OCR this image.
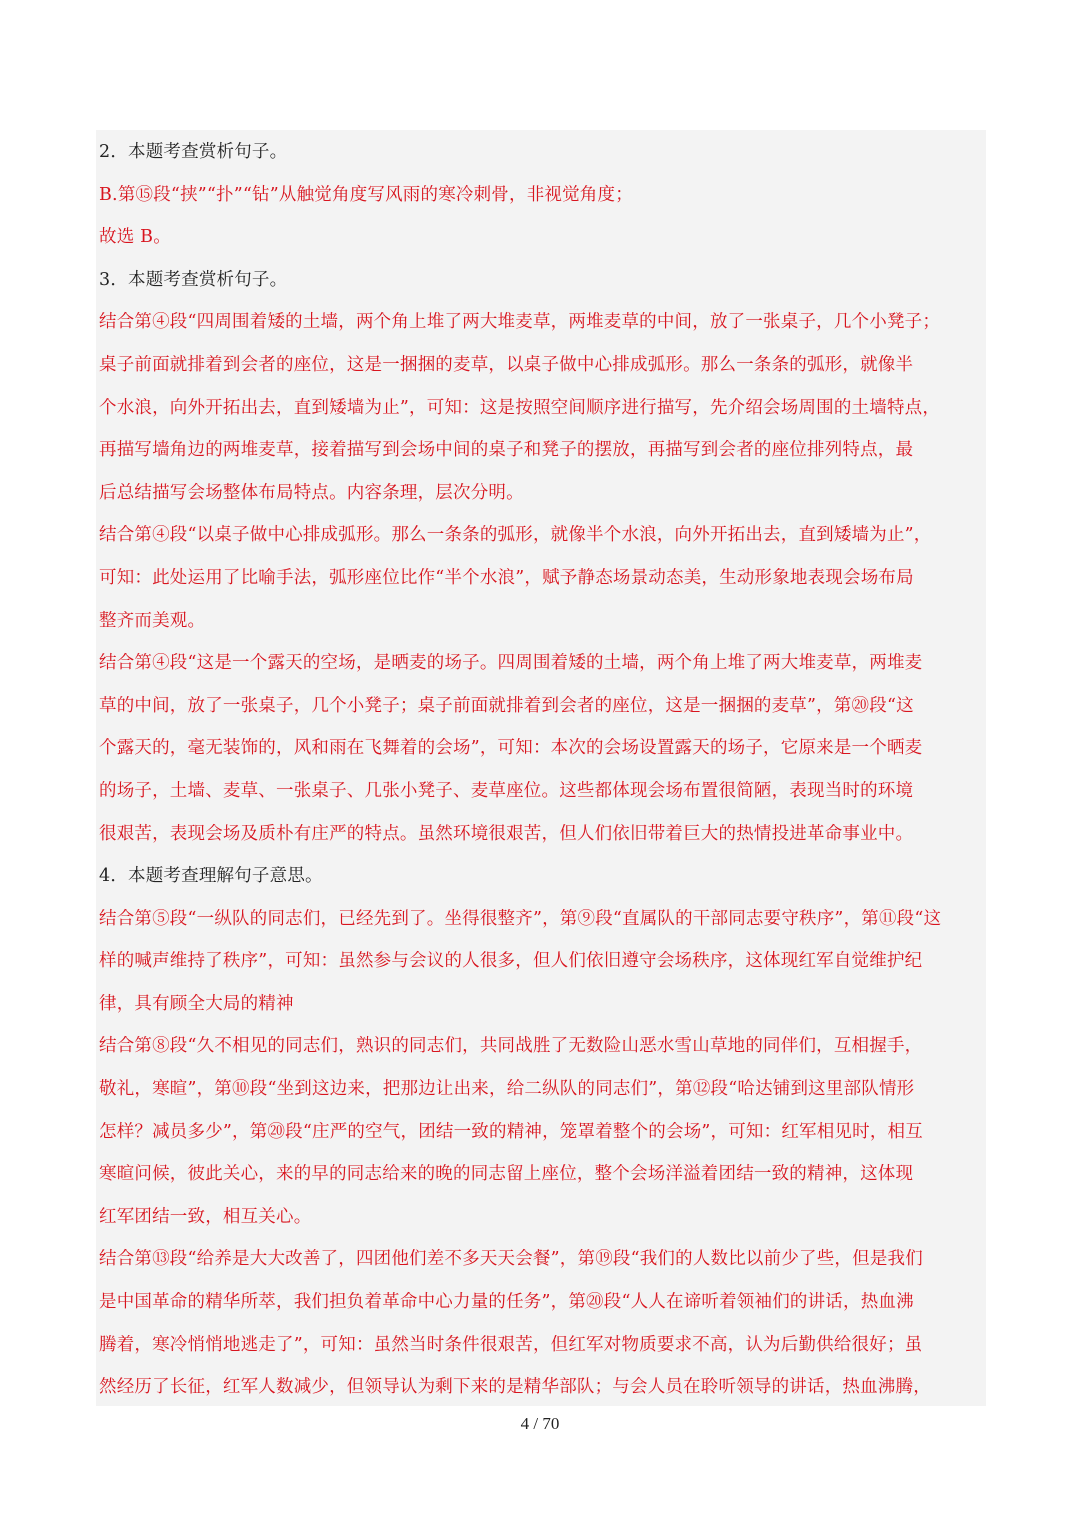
2．本题考查赏析句子。
B.第⑮段“挟”“扑”“钻”从触觉角度写风雨的寒冷刺骨，非视觉角度；
故选 B。
3．本题考查赏析句子。
结合第④段“四周围着矮的土墙，两个角上堆了两大堆麦草，两堆麦草的中间，放了一张桌子，几个小凳子；
桌子前面就排着到会者的座位，这是一捆捆的麦草，以桌子做中心排成弧形。那么一条条的弧形，就像半
个水浪，向外开拓出去，直到矮墙为止”，可知：这是按照空间顺序进行描写，先介绍会场周围的土墙特点，
再描写墙角边的两堆麦草，接着描写到会场中间的桌子和凳子的摆放，再描写到会者的座位排列特点，最
后总结描写会场整体布局特点。内容条理，层次分明。
结合第④段“以桌子做中心排成弧形。那么一条条的弧形，就像半个水浪，向外开拓出去，直到矮墙为止”，
可知：此处运用了比喻手法，弧形座位比作“半个水浪”，赋予静态场景动态美，生动形象地表现会场布局
整齐而美观。
结合第④段“这是一个露天的空场，是晒麦的场子。四周围着矮的土墙，两个角上堆了两大堆麦草，两堆麦
草的中间，放了一张桌子，几个小凳子；桌子前面就排着到会者的座位，这是一捆捆的麦草”，第⑳段“这
个露天的，毫无装饰的，风和雨在飞舞着的会场”，可知：本次的会场设置露天的场子，它原来是一个晒麦
的场子，土墙、麦草、一张桌子、几张小凳子、麦草座位。这些都体现会场布置很简陋，表现当时的环境
很艰苦，表现会场及质朴有庄严的特点。虽然环境很艰苦，但人们依旧带着巨大的热情投进革命事业中。
4．本题考查理解句子意思。
结合第⑤段“一纵队的同志们，已经先到了。坐得很整齐”，第⑨段“直属队的干部同志要守秩序”，第⑪段“这
样的喊声维持了秩序”，可知：虽然参与会议的人很多，但人们依旧遵守会场秩序，这体现红军自觉维护纪
律，具有顾全大局的精神
结合第⑧段“久不相见的同志们，熟识的同志们，共同战胜了无数险山恶水雪山草地的同伴们，互相握手，
敬礼，寒暄”，第⑩段“坐到这边来，把那边让出来，给二纵队的同志们”，第⑫段“哈达铺到这里部队情形
怎样？减员多少”，第⑳段“庄严的空气，团结一致的精神，笼罩着整个的会场”，可知：红军相见时，相互
寒暄问候，彼此关心，来的早的同志给来的晚的同志留上座位，整个会场洋溢着团结一致的精神，这体现
红军团结一致，相互关心。
结合第⑬段“给养是大大改善了，四团他们差不多天天会餐”，第⑲段“我们的人数比以前少了些，但是我们
是中国革命的精华所萃，我们担负着革命中心力量的任务”，第⑳段“人人在谛听着领袖们的讲话，热血沸
腾着，寒冷悄悄地逃走了”，可知：虽然当时条件很艰苦，但红军对物质要求不高，认为后勤供给很好；虽
然经历了长征，红军人数减少，但领导认为剩下来的是精华部队；与会人员在聆听领导的讲话，热血沸腾，
4 / 70
